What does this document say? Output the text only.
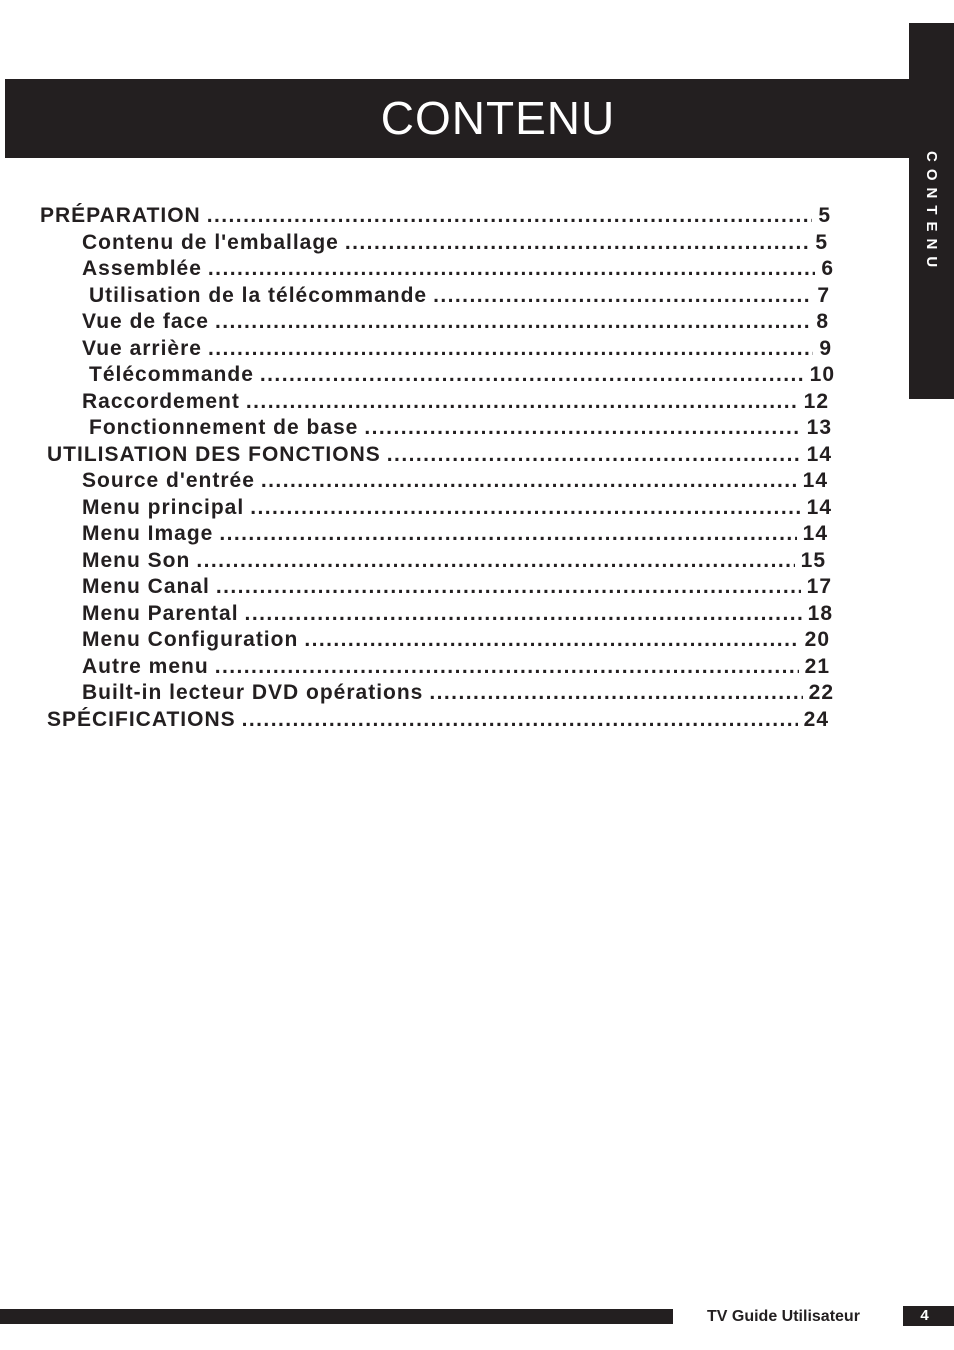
CONTENU
CONTENU
PRÉPARATION . . .	5
Contenu de l'emballage . . .	5
Assemblée . . .	6
Utilisation de la télécommande . . .	7
Vue de face . . .	8
Vue arrière . . .	9
Télécommande . . .	10
Raccordement . . .	12
Fonctionnement de base . . .	13
UTILISATION DES FONCTIONS . . .	14
Source d'entrée . . .	14
Menu principal . . .	14
Menu Image . . .	14
Menu Son . . .	15
Menu Canal . . .	17
Menu Parental . . .	18
Menu Configuration . . .	20
Autre menu . . .	21
Built-in lecteur DVD opérations . . .	22
SPÉCIFICATIONS . . .	24
TV Guide Utilisateur	4
